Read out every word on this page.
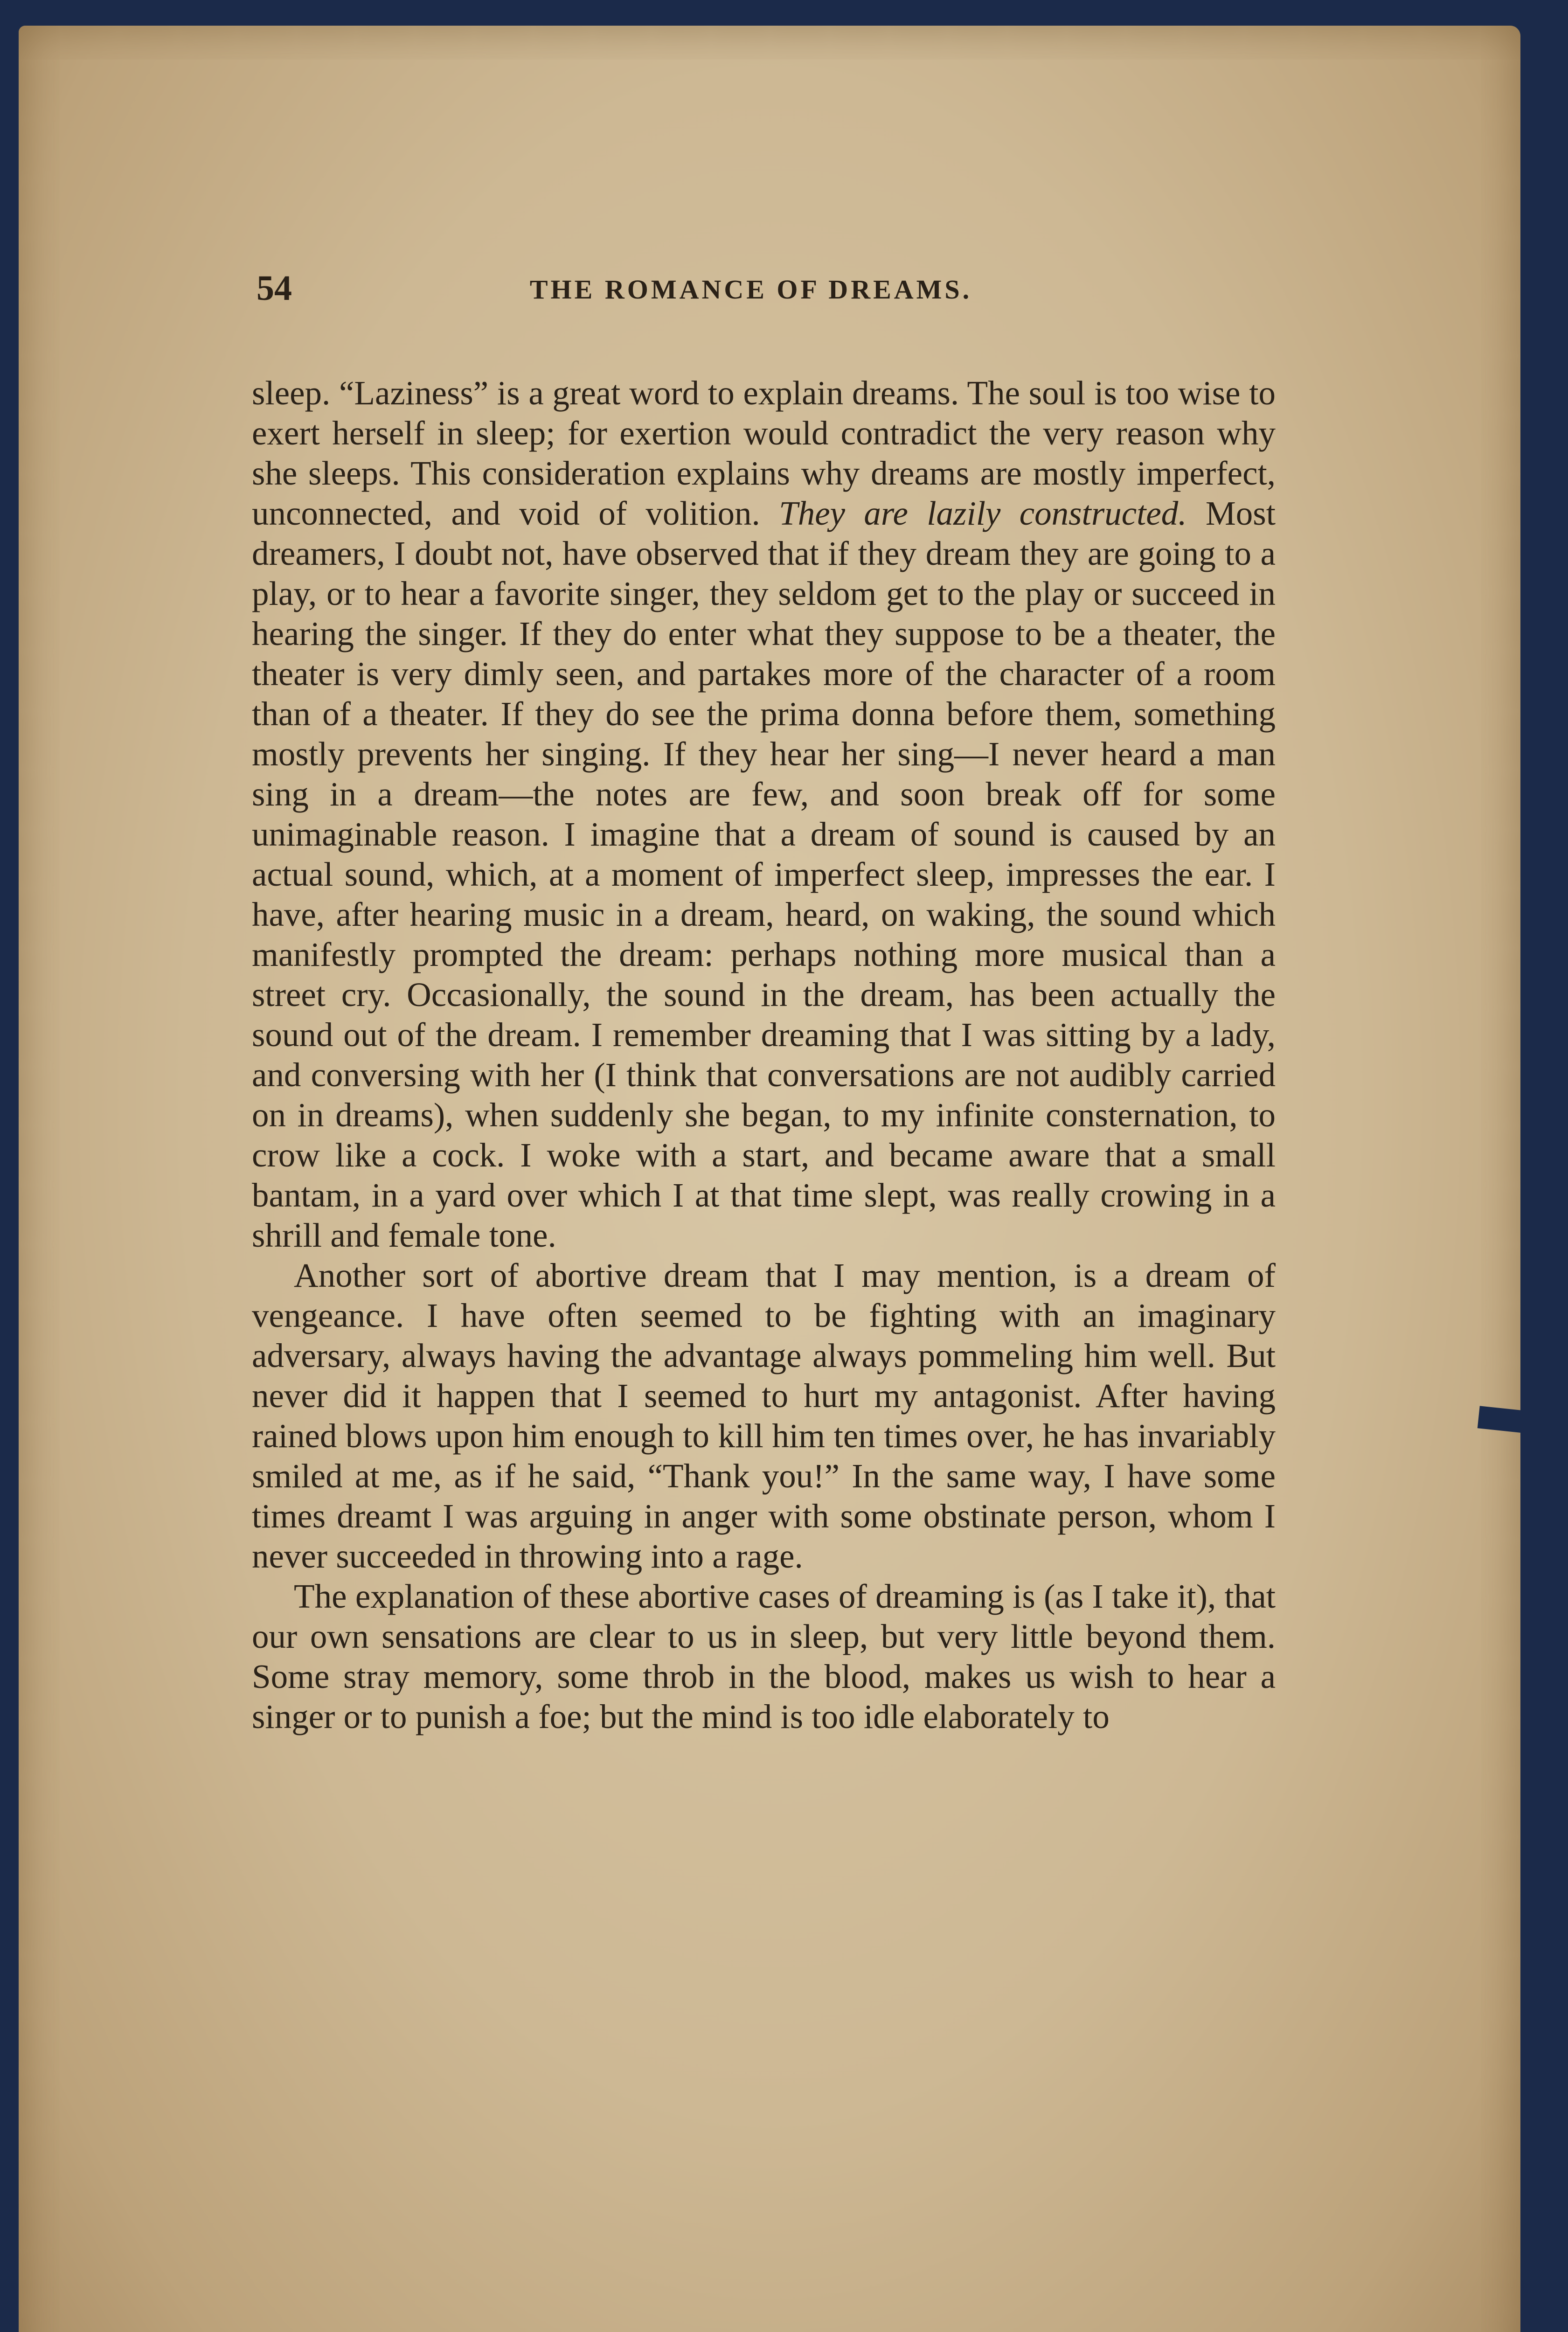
54	THE ROMANCE OF DREAMS.

sleep. “Laziness” is a great word to explain dreams. The soul is too wise to exert herself in sleep; for exertion would contradict the very reason why she sleeps. This consideration explains why dreams are mostly imperfect, unconnected, and void of volition. They are lazily constructed. Most dreamers, I doubt not, have observed that if they dream they are going to a play, or to hear a favorite singer, they seldom get to the play or succeed in hearing the singer. If they do enter what they suppose to be a theater, the theater is very dimly seen, and partakes more of the character of a room than of a theater. If they do see the prima donna before them, something mostly prevents her singing. If they hear her sing—I never heard a man sing in a dream—the notes are few, and soon break off for some unimaginable reason. I imagine that a dream of sound is caused by an actual sound, which, at a moment of imperfect sleep, impresses the ear. I have, after hearing music in a dream, heard, on waking, the sound which manifestly prompted the dream: perhaps nothing more musical than a street cry. Occasionally, the sound in the dream, has been actually the sound out of the dream. I remember dreaming that I was sitting by a lady, and conversing with her (I think that conversations are not audibly carried on in dreams), when suddenly she began, to my infinite consternation, to crow like a cock. I woke with a start, and became aware that a small bantam, in a yard over which I at that time slept, was really crowing in a shrill and female tone.

Another sort of abortive dream that I may mention, is a dream of vengeance. I have often seemed to be fighting with an imaginary adversary, always having the advantage always pommeling him well. But never did it happen that I seemed to hurt my antagonist. After having rained blows upon him enough to kill him ten times over, he has invariably smiled at me, as if he said, “Thank you!” In the same way, I have some times dreamt I was arguing in anger with some obstinate person, whom I never succeeded in throwing into a rage.

The explanation of these abortive cases of dreaming is (as I take it), that our own sensations are clear to us in sleep, but very little beyond them. Some stray memory, some throb in the blood, makes us wish to hear a singer or to punish a foe; but the mind is too idle elaborately to
